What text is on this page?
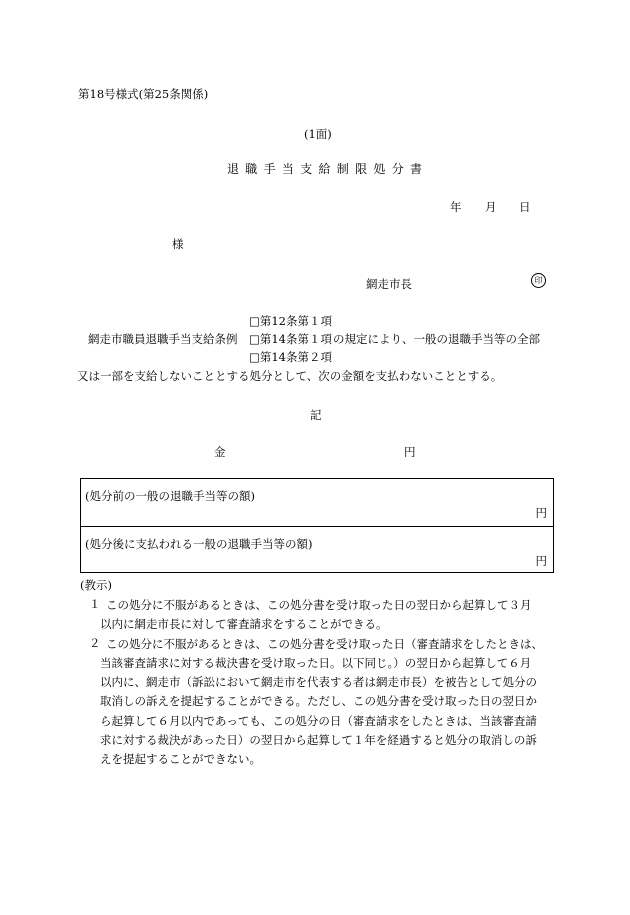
第18号様式(第25条関係)
(1面)
退職手当支給制限処分書
年 月 日
様
網走市長	印
□第12条第１項
網走市職員退職手当支給条例 □第14条第１項 の規定により、一般の退職手当等の全部
□第14条第２項
又は一部を支給しないこととする処分として、次の金額を支払わないこととする。
記
金	円
(処分前の一般の退職手当等の額)
円
(処分後に支払われる一般の退職手当等の額)
円
(教示)
１ この処分に不服があるときは、この処分書を受け取った日の翌日から起算して３月
以内に網走市長に対して審査請求をすることができる。
２ この処分に不服があるときは、この処分書を受け取った日（審査請求をしたときは、
当該審査請求に対する裁決書を受け取った日。以下同じ。）の翌日から起算して６月
以内に、網走市（訴訟において網走市を代表する者は網走市長）を被告として処分の
取消しの訴えを提起することができる。ただし、この処分書を受け取った日の翌日か
ら起算して６月以内であっても、この処分の日（審査請求をしたときは、当該審査請
求に対する裁決があった日）の翌日から起算して１年を経過すると処分の取消しの訴
えを提起することができない。
